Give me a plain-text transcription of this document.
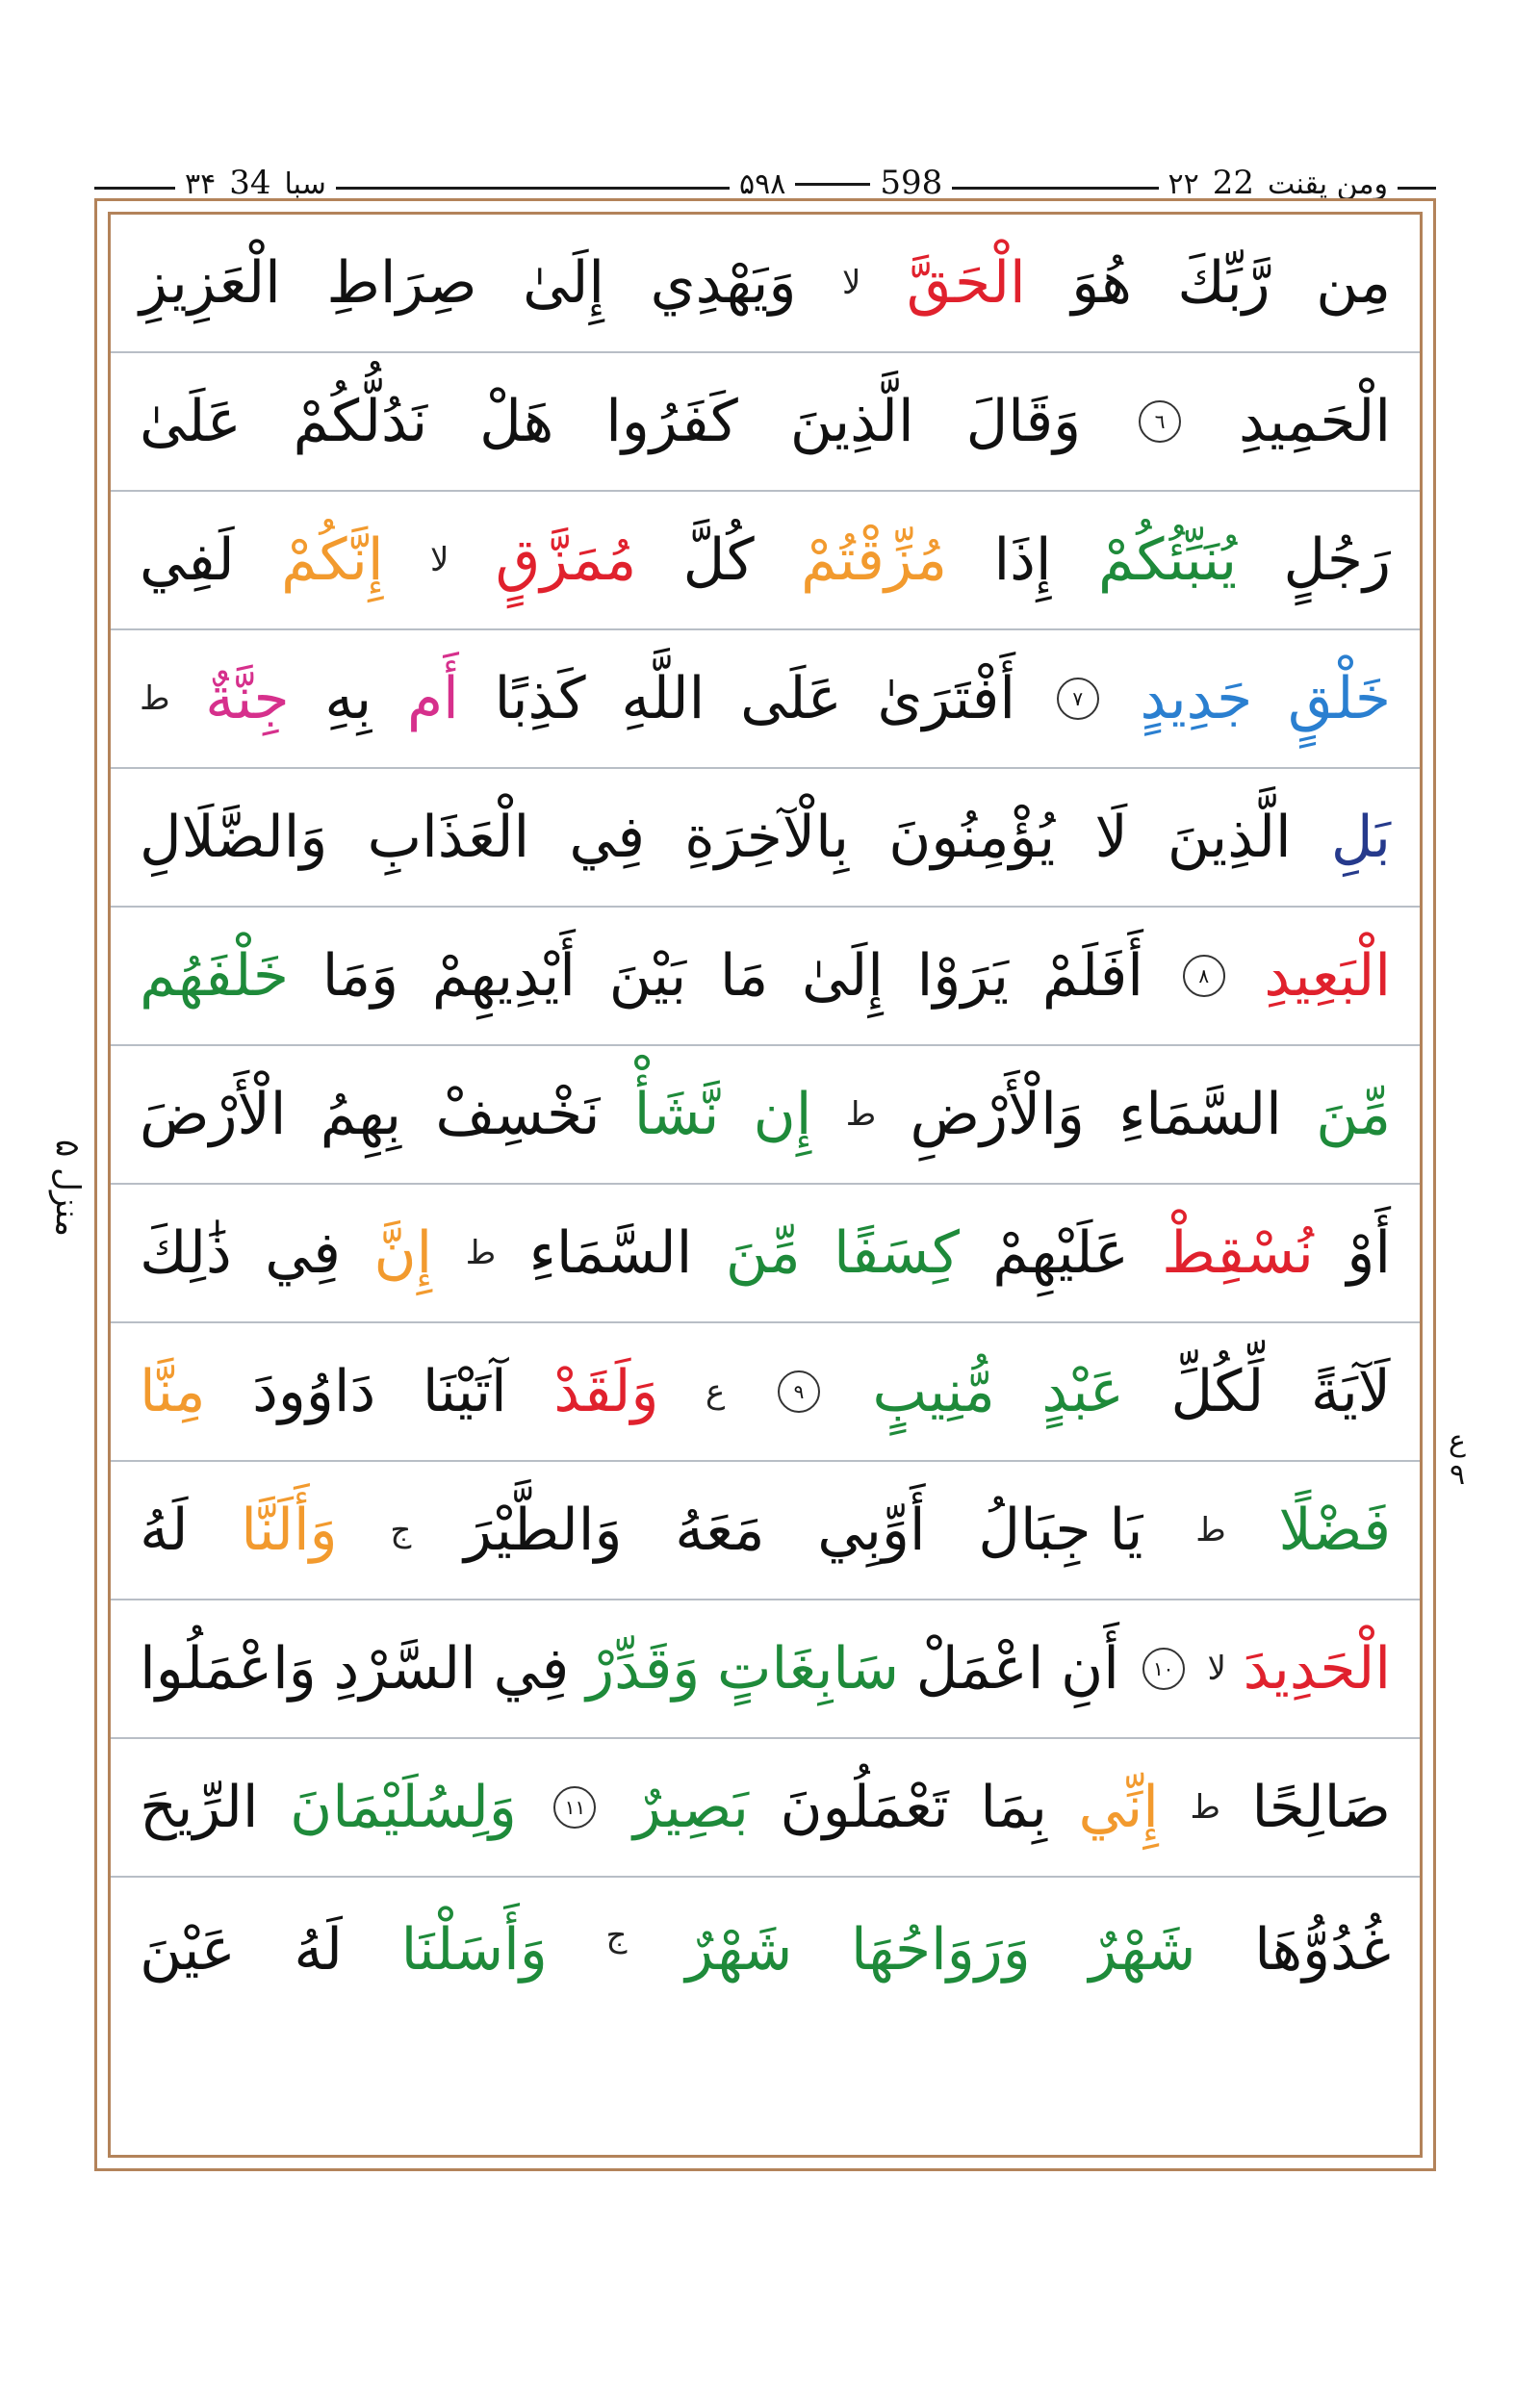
۳۴ سبا34	۵۹۸	598	۲۲ ومن يقنت22
منزل ۵
ع
۹
مِن
رَّبِّكَ
هُوَ
الْحَقَّ
لا
وَيَهْدِي
إِلَىٰ
صِرَاطِ
الْعَزِيزِ
الْحَمِيدِ
٦
وَقَالَ
الَّذِينَ
كَفَرُوا
هَلْ
نَدُلُّكُمْ
عَلَىٰ
رَجُلٍ
يُنَبِّئُكُمْ
إِذَا
مُزِّقْتُمْ
كُلَّ
مُمَزَّقٍ
لا
إِنَّكُمْ
لَفِي
خَلْقٍ
جَدِيدٍ
٧
أَفْتَرَىٰ
عَلَى
اللَّهِ
كَذِبًا
أَم
بِهِ
جِنَّةٌ
ط
بَلِ
الَّذِينَ
لَا
يُؤْمِنُونَ
بِالْآخِرَةِ
فِي
الْعَذَابِ
وَالضَّلَالِ
الْبَعِيدِ
٨
أَفَلَمْ
يَرَوْا
إِلَىٰ
مَا
بَيْنَ
أَيْدِيهِمْ
وَمَا
خَلْفَهُم
مِّنَ
السَّمَاءِ
وَالْأَرْضِ
ط
إِن
نَّشَأْ
نَخْسِفْ
بِهِمُ
الْأَرْضَ
أَوْ
نُسْقِطْ
عَلَيْهِمْ
كِسَفًا
مِّنَ
السَّمَاءِ
ط
إِنَّ
فِي
ذَٰلِكَ
لَآيَةً
لِّكُلِّ
عَبْدٍ
مُّنِيبٍ
٩
ع
وَلَقَدْ
آتَيْنَا
دَاوُودَ
مِنَّا
فَضْلًا
ط
يَا جِبَالُ
أَوِّبِي
مَعَهُ
وَالطَّيْرَ
ج
وَأَلَنَّا
لَهُ
الْحَدِيدَ
لا
١٠
أَنِ
اعْمَلْ
سَابِغَاتٍ
وَقَدِّرْ
فِي
السَّرْدِ
وَاعْمَلُوا
صَالِحًا
ط
إِنِّي
بِمَا
تَعْمَلُونَ
بَصِيرٌ
١١
وَلِسُلَيْمَانَ
الرِّيحَ
غُدُوُّهَا
شَهْرٌ
وَرَوَاحُهَا
شَهْرٌ
ج
وَأَسَلْنَا
لَهُ
عَيْنَ
